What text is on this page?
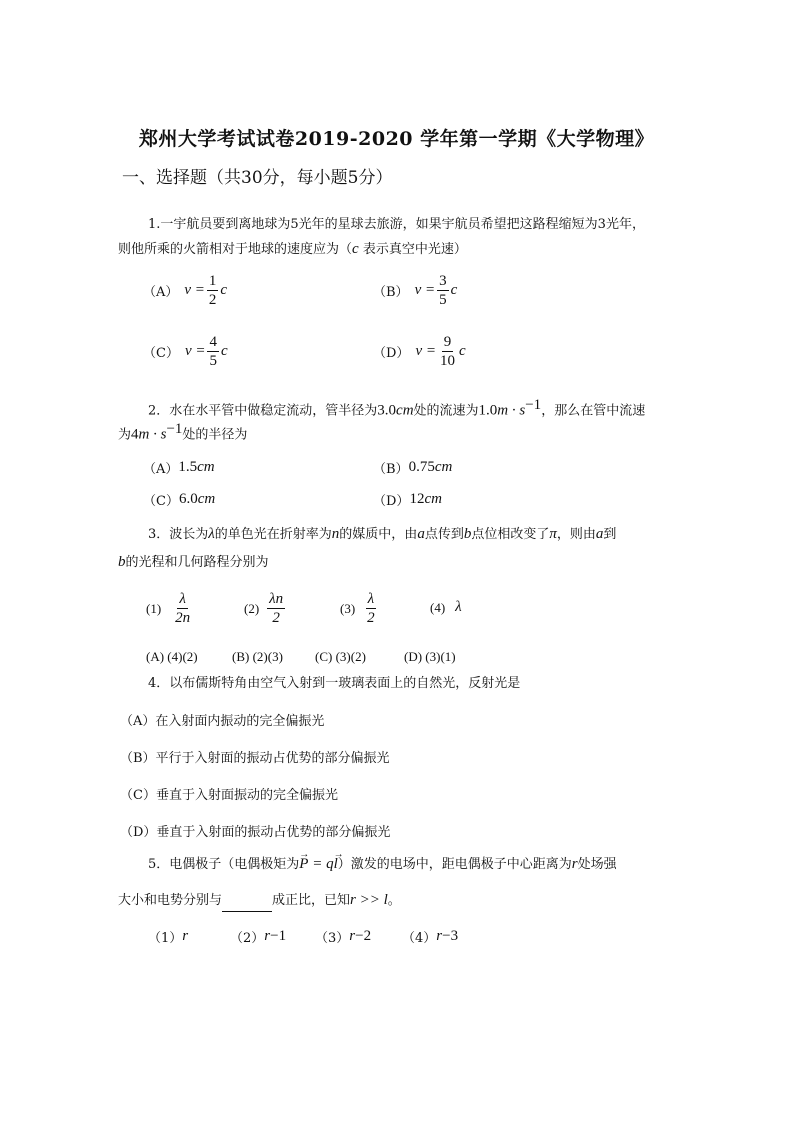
郑州大学考试试卷2019-2020 学年第一学期《大学物理》
一、选择题（共30分，每小题5分）
1.一宇航员要到离地球为5光年的星球去旅游，如果宇航员希望把这路程缩短为3光年，
则他所乘的火箭相对于地球的速度应为（c 表示真空中光速）
（A） $v = \frac{1}{2}$ c	（B） $v = \frac{3}{5}$ c
（C） $v = \frac{4}{5}$ c	（D） $v = \frac{9}{10}$ c
2．水在水平管中做稳定流动，管半径为3.0cm处的流速为$1.0m \cdot s^{-1}$，那么在管中流速
为$4m \cdot s^{-1}$处的半径为
（A） 1.5 cm	（B） 0.75 cm
（C） 6.0 cm	（D） 12 cm
3．波长为λ的单色光在折射率为n的媒质中，由a点传到b点位相改变了π，则由a到
b的光程和几何路程分别为
$(1) \frac{\lambda}{2n}$	$(2) \frac{\lambda n}{2}$	$(3) \frac{\lambda}{2}$	(4) λ
(A) (4)(2)	(B) (2)(3) (C) (3)(2)	(D) (3)(1)
4．以布儒斯特角由空气入射到一玻璃表面上的自然光，反射光是
（A）在入射面内振动的完全偏振光
（B）平行于入射面的振动占优势的部分偏振光
（C）垂直于入射面振动的完全偏振光
（D）垂直于入射面的振动占优势的部分偏振光
5．电偶极子（电偶极矩为→ P = q→ l）激发的电场中，距电偶极子中心距离为r处场强
大小和电势分别与	成正比，已知r >> l。
（1） r	（2） r −1 （3） r −2 （4） r −3
